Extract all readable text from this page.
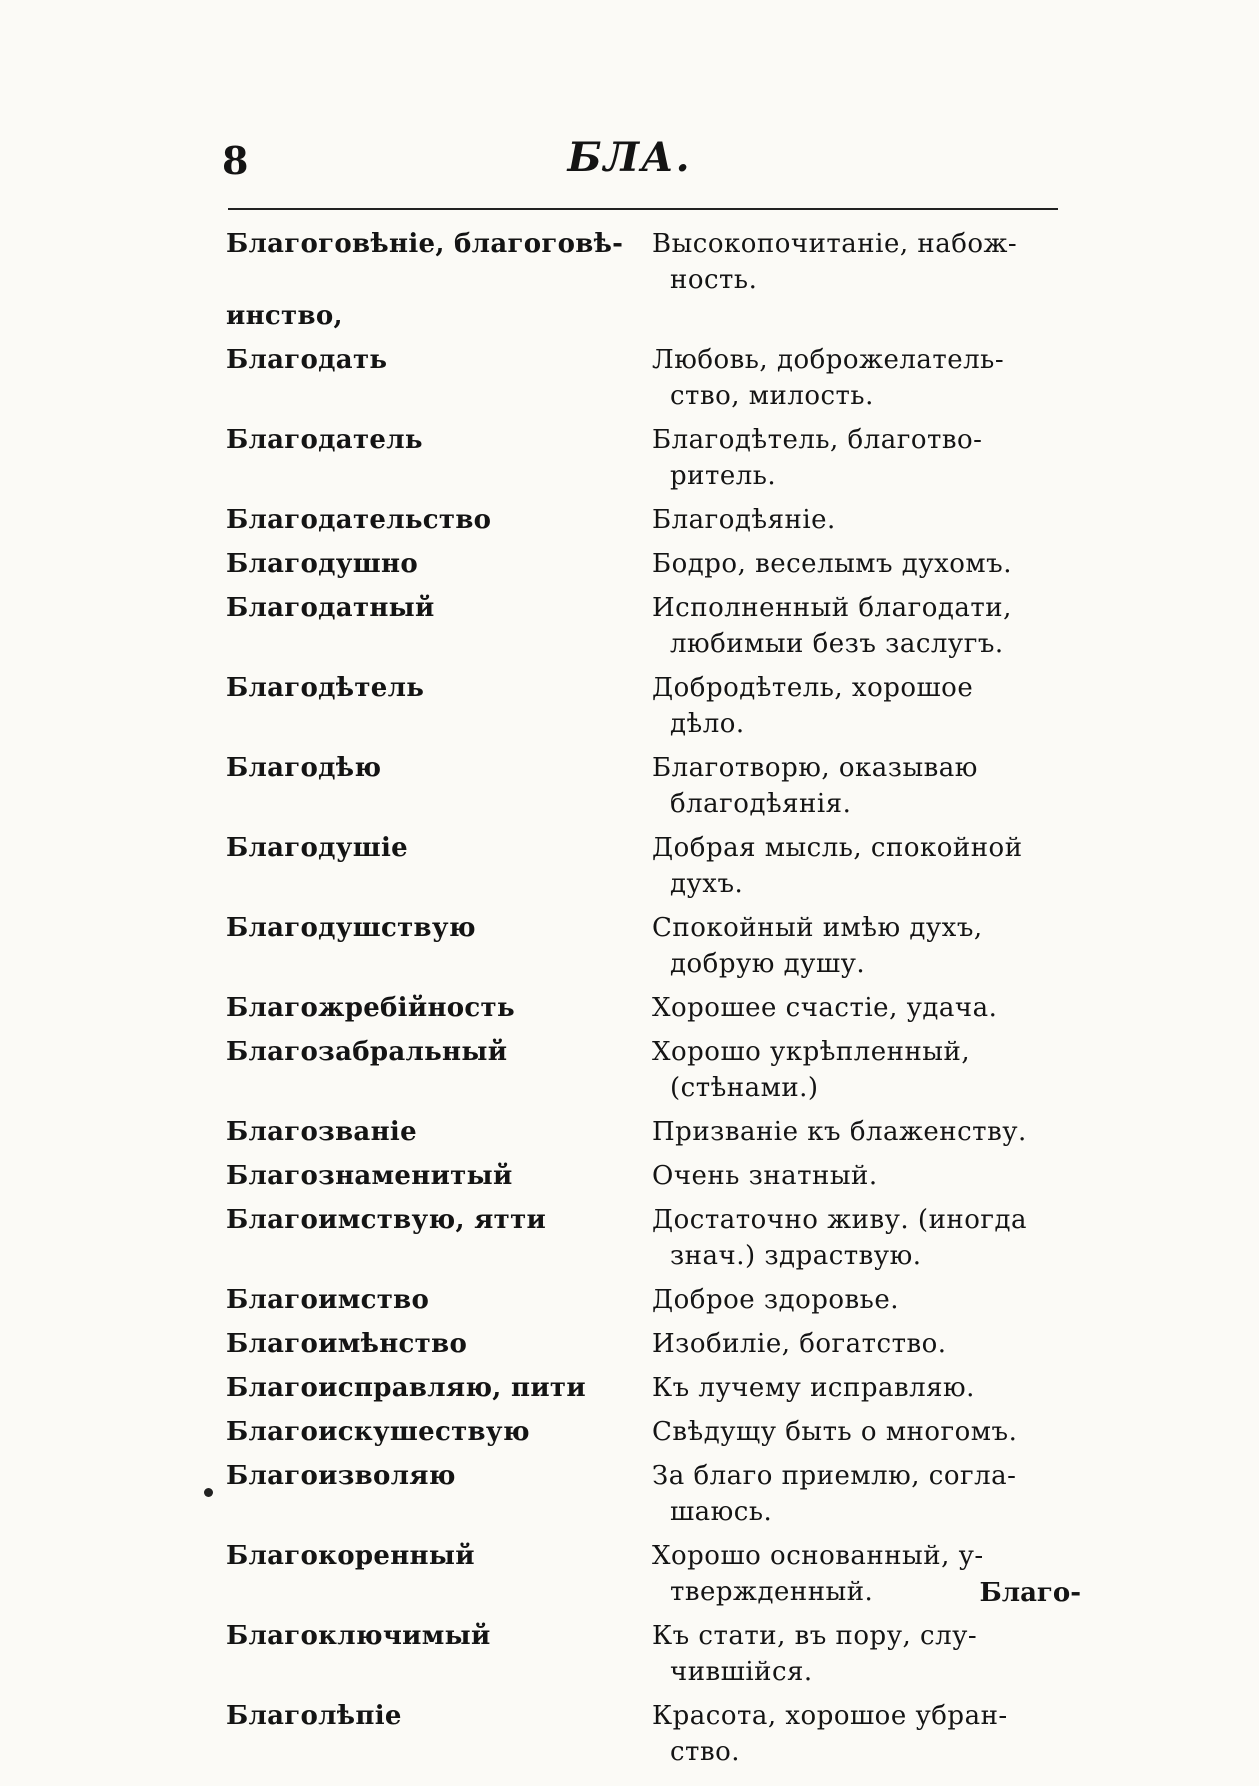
8	БЛА.
Благоговѣніе, благоговѣ-	Высокопочитаніе, набож-
ность.
инство,
Благодать	Любовь, доброжелатель-
ство, милость.
Благодатель	Благодѣтель, благотво-
ритель.
Благодательство	Благодѣяніе.
Благодушно	Бодро, веселымъ духомъ.
Благодатный	Исполненный благодати,
любимыи безъ заслугъ.
Благодѣтель	Добродѣтель, хорошое
дѣло.
Благодѣю	Благотворю, оказываю
благодѣянія.
Благодушіе	Добрая мысль, спокойной
духъ.
Благодушствую	Спокойный имѣю духъ,
добрую душу.
Благожребійность	Хорошее счастіе, удача.
Благозабральный	Хорошо укрѣпленный,
(стѣнами.)
Благозваніе	Призваніе къ блаженству.
Благознаменитый	Очень знатный.
Благоимствую, ятти	Достаточно живу. (иногда
знач.) здраствую.
Благоимство	Доброе здоровье.
Благоимѣнство	Изобиліе, богатство.
Благоисправляю, пити	Къ лучему исправляю.
Благоискушествую	Свѣдущу быть о многомъ.
Благоизволяю	За благо приемлю, согла-
шаюсь.
Благокоренный	Хорошо основанный, у-
твержденный.
Благоключимый	Къ стати, въ пору, слу-
чившійся.
Благолѣпіе	Красота, хорошое убран-
ство.
Благо-
